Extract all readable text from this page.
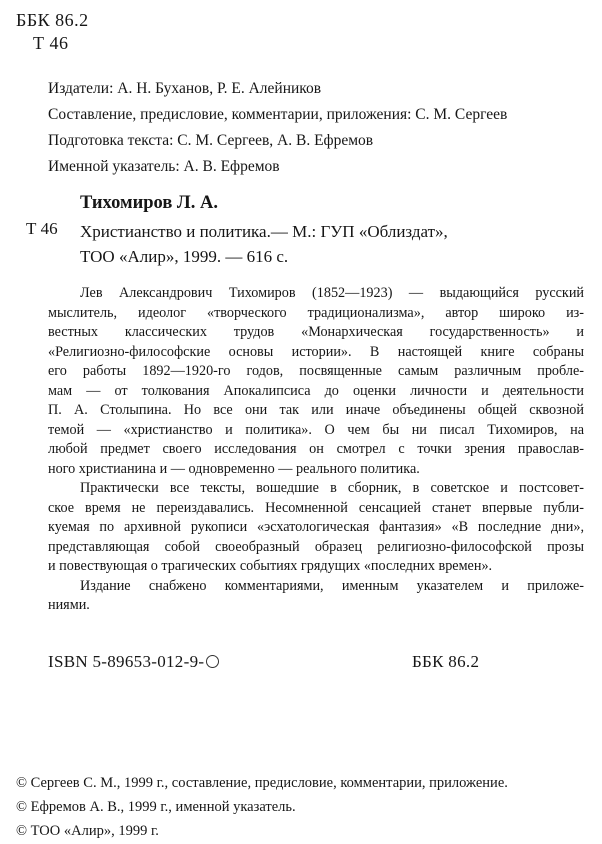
ББК 86.2
Т 46
Издатели: А. Н. Буханов, Р. Е. Алейников
Составление, предисловие, комментарии, приложения: С. М. Сергеев
Подготовка текста: С. М. Сергеев, А. В. Ефремов
Именной указатель: А. В. Ефремов
Тихомиров Л. А.
Т 46 Христианство и политика.— М.: ГУП «Облиздат»,
ТОО «Алир», 1999. — 616 с.

Лев Александрович Тихомиров (1852—1923) — выдающийся русский
мыслитель, идеолог «творческого традиционализма», автор широко из-
вестных классических трудов «Монархическая государственность» и
«Религиозно-философские основы истории». В настоящей книге собраны
его работы 1892—1920-го годов, посвященные самым различным пробле-
мам — от толкования Апокалипсиса до оценки личности и деятельности
П. А. Столыпина. Но все они так или иначе объединены общей сквозной
темой — «христианство и политика». О чем бы ни писал Тихомиров, на
любой предмет своего исследования он смотрел с точки зрения православ-
ного христианина и — одновременно — реального политика.

Практически все тексты, вошедшие в сборник, в советское и постсовет-
ское время не переиздавались. Несомненной сенсацией станет впервые публи-
куемая по архивной рукописи «эсхатологическая фантазия» «В последние дни»,
представляющая собой своеобразный образец религиозно-философской прозы
и повествующая о трагических событиях грядущих «последних времен».

Издание снабжено комментариями, именным указателем и приложе-
ниями.

ISBN 5-89653-012-9-	ББК 86.2
© Сергеев С. М., 1999 г., составление, предисловие, комментарии, приложение.
© Ефремов А. В., 1999 г., именной указатель.
© ТОО «Алир», 1999 г.
